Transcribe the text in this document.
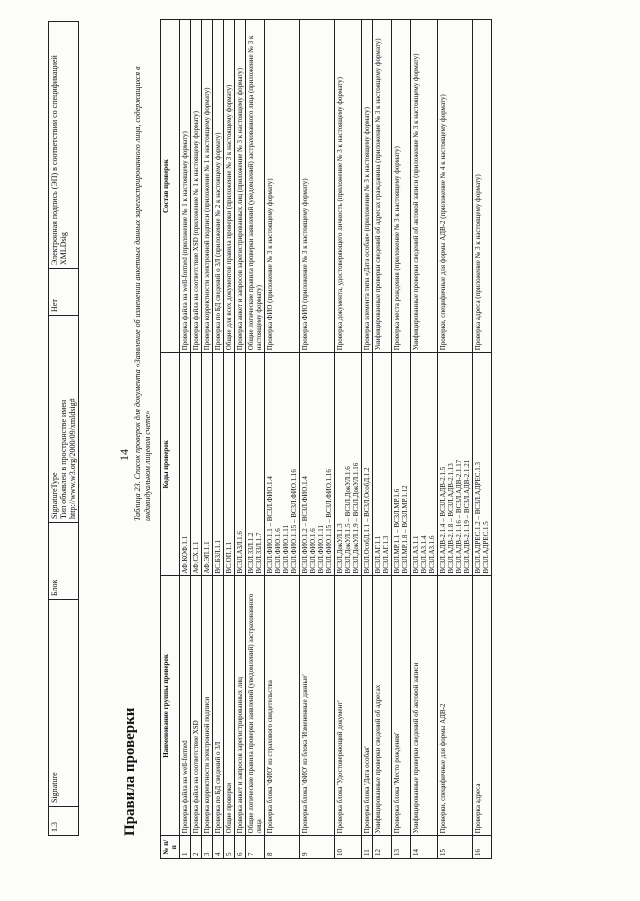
14
1.3	Signature	Блок	SignatureType
Тип объявлен в пространстве имен http://www.w3.org/2000/09/xmldsig#	Нет	Электронная подпись (ЭП) в соответствии со спецификацией XMLDsig
Правила проверки
Таблица 23. Список проверок для документа «Заявление об изменении анкетных данных зарегистрированного лица, содержащихся в индивидуальном лицевом счете»
№ п/п	Наименование группы проверок	Коды проверок	Состав проверок
1	Проверка файла на well-formed	АФ.КОФ.1.1	Проверка файла на well-formed (приложение № 1 к настоящему формату)
2	Проверка файла на соответствие XSD	АФ.СХ.1.1	Проверка файла на соответствие XSD (приложение № 1 к настоящему формату)
3	Проверка корректности электронной подписи	АФ.ЭП.1.1	Проверка корректности электронной подписи (приложение № 1 к настоящему формату)
4	Проверка по БД сведений о ЗЛ	ВС.БЗЛ.1.1	Проверка по БД сведений о ЗЛ (приложение № 2 к настоящему формату)
5	Общие проверки	ВС.ОП.1.1	Общие для всех документов правила проверки (приложение № 3 к настоящему формату)
6	Проверка анкет и запросов зарегистрированных лиц	ВСЗЛ.АЗЛ.1.6	Проверка анкет и запросов зарегистрированных лиц (приложение № 3 к настоящему формату)
7	Общие логические правила проверки заявлений (уведомлений) застрахованного лица	ВСЗЛ.ЗЗЛ.1.2 ВСЗЛ.ЗЗЛ.1.7	Общие логические правила проверки заявлений (уведомлений) застрахованного лица (приложение № 3 к настоящему формату)
8	Проверка блока 'ФИО' из страхового свидетельства	ВСЗЛ.ФИО.1.1 – ВСЗЛ.ФИО.1.4 ВСЗЛ.ФИО.1.6 ВСЗЛ.ФИО.1.11 ВСЗЛ.ФИО.1.15 – ВСЗЛ.ФИО.1.16	Проверка ФИО (приложение № 3 к настоящему формату)
9	Проверка блока 'ФИО' из блока 'Измененные данные'	ВСЗЛ.ФИО.1.2 – ВСЗЛ.ФИО.1.4 ВСЗЛ.ФИО.1.6 ВСЗЛ.ФИО.1.11 ВСЗЛ.ФИО.1.15 – ВСЗЛ.ФИО.1.16	Проверка ФИО (приложение № 3 к настоящему формату)
10	Проверка блока 'Удостоверяющий документ'	ВСЗЛ.ДокУЛ.1.3 ВСЗЛ.ДокУЛ.1.5 – ВСЗЛ.ДокУЛ.1.6 ВСЗЛ.ДокУЛ.1.9 – ВСЗЛ.ДокУЛ.1.16	Проверка документа, удостоверяющего личность (приложение № 3 к настоящему формату)
11	Проверка блока 'Дата особая'	ВСЗЛ.ОсобД.1.1 – ВСЗЛ.ОсобД.1.2	Проверка элемента типа «Дата особая» (приложение № 3 к настоящему формату)
12	Унифицированные проверки сведений об адресах	ВСЗЛ.АГ.1.1 ВСЗЛ.АГ.1.3	Унифицированные проверки сведений об адресах гражданина (приложение № 3 к настоящему формату)
13	Проверка блока 'Место рождения'	ВСЗЛ.МР.1.1 – ВСЗЛ.МР.1.6 ВСЗЛ.МР.1.8 – ВСЗЛ.МР.1.12	Проверка места рождения (приложение № 3 к настоящему формату)
14	Унифицированные проверки сведений об актовой записи	ВСЗЛ.АЗ.1.1 ВСЗЛ.АЗ.1.4 ВСЗЛ.АЗ.1.6	Унифицированные проверки сведений об актовой записи (приложение № 3 к настоящему формату)
15	Проверки, специфичные для формы АДВ-2	ВСЗЛ.АДВ-2.1.4 – ВСЗЛ.АДВ-2.1.5 ВСЗЛ.АДВ-2.1.8 – ВСЗЛ.АДВ-2.1.13 ВСЗЛ.АДВ-2.1.16 – ВСЗЛ.АДВ-2.1.17 ВСЗЛ.АДВ-2.1.19 – ВСЗЛ.АДВ-2.1.21	Проверки, специфичные для формы АДВ-2 (приложение № 4 к настоящему формату)
16	Проверка адреса	ВСЗЛ.АДРЕС.1.2 – ВСЗЛ.АДРЕС.1.3 ВСЗЛ.АДРЕС.1.5	Проверка адреса (приложение № 3 к настоящему формату)
